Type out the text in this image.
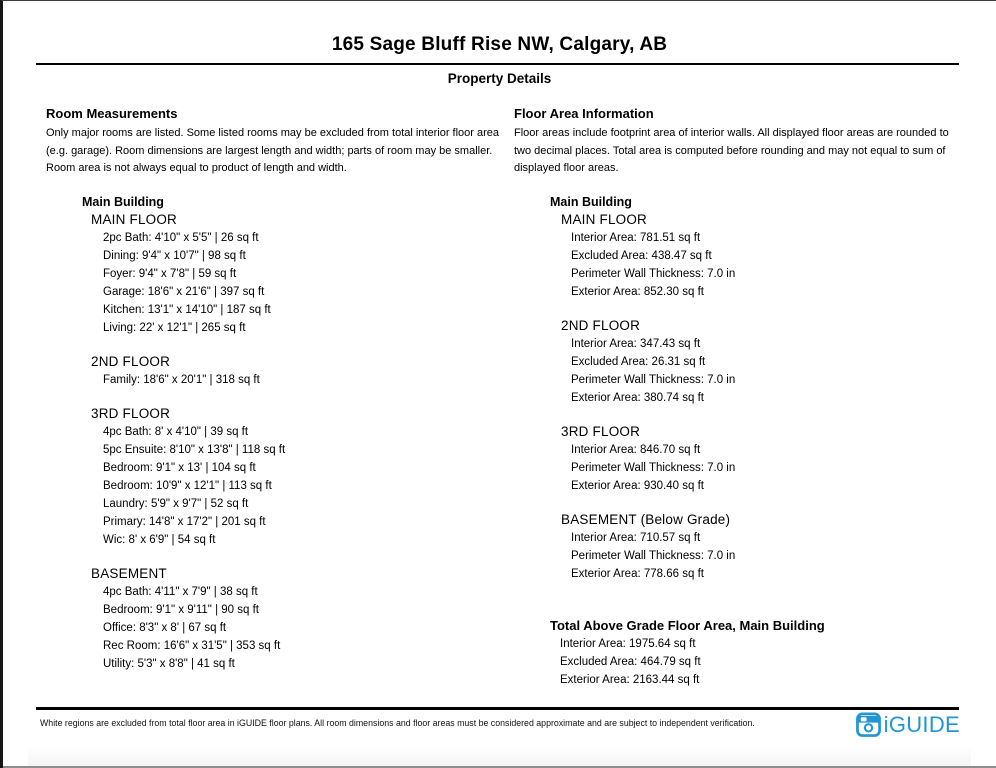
165 Sage Bluff Rise NW, Calgary, AB
Property Details
Room Measurements
Only major rooms are listed. Some listed rooms may be excluded from total interior floor area (e.g. garage). Room dimensions are largest length and width; parts of room may be smaller. Room area is not always equal to product of length and width.
Main Building
MAIN FLOOR
2pc Bath: 4'10" x 5'5" | 26 sq ft
Dining: 9'4" x 10'7" | 98 sq ft
Foyer: 9'4" x 7'8" | 59 sq ft
Garage: 18'6" x 21'6" | 397 sq ft
Kitchen: 13'1" x 14'10" | 187 sq ft
Living: 22' x 12'1" | 265 sq ft
2ND FLOOR
Family: 18'6" x 20'1" | 318 sq ft
3RD FLOOR
4pc Bath: 8' x 4'10" | 39 sq ft
5pc Ensuite: 8'10" x 13'8" | 118 sq ft
Bedroom: 9'1" x 13' | 104 sq ft
Bedroom: 10'9" x 12'1" | 113 sq ft
Laundry: 5'9" x 9'7" | 52 sq ft
Primary: 14'8" x 17'2" | 201 sq ft
Wic: 8' x 6'9" | 54 sq ft
BASEMENT
4pc Bath: 4'11" x 7'9" | 38 sq ft
Bedroom: 9'1" x 9'11" | 90 sq ft
Office: 8'3" x 8' | 67 sq ft
Rec Room: 16'6" x 31'5" | 353 sq ft
Utility: 5'3" x 8'8" | 41 sq ft
Floor Area Information
Floor areas include footprint area of interior walls. All displayed floor areas are rounded to two decimal places. Total area is computed before rounding and may not equal to sum of displayed floor areas.
Main Building
MAIN FLOOR
Interior Area: 781.51 sq ft
Excluded Area: 438.47 sq ft
Perimeter Wall Thickness: 7.0 in
Exterior Area: 852.30 sq ft
2ND FLOOR
Interior Area: 347.43 sq ft
Excluded Area: 26.31 sq ft
Perimeter Wall Thickness: 7.0 in
Exterior Area: 380.74 sq ft
3RD FLOOR
Interior Area: 846.70 sq ft
Perimeter Wall Thickness: 7.0 in
Exterior Area: 930.40 sq ft
BASEMENT (Below Grade)
Interior Area: 710.57 sq ft
Perimeter Wall Thickness: 7.0 in
Exterior Area: 778.66 sq ft
Total Above Grade Floor Area, Main Building
Interior Area: 1975.64 sq ft
Excluded Area: 464.79 sq ft
Exterior Area: 2163.44 sq ft
White regions are excluded from total floor area in iGUIDE floor plans. All room dimensions and floor areas must be considered approximate and are subject to independent verification.	iGUIDE
